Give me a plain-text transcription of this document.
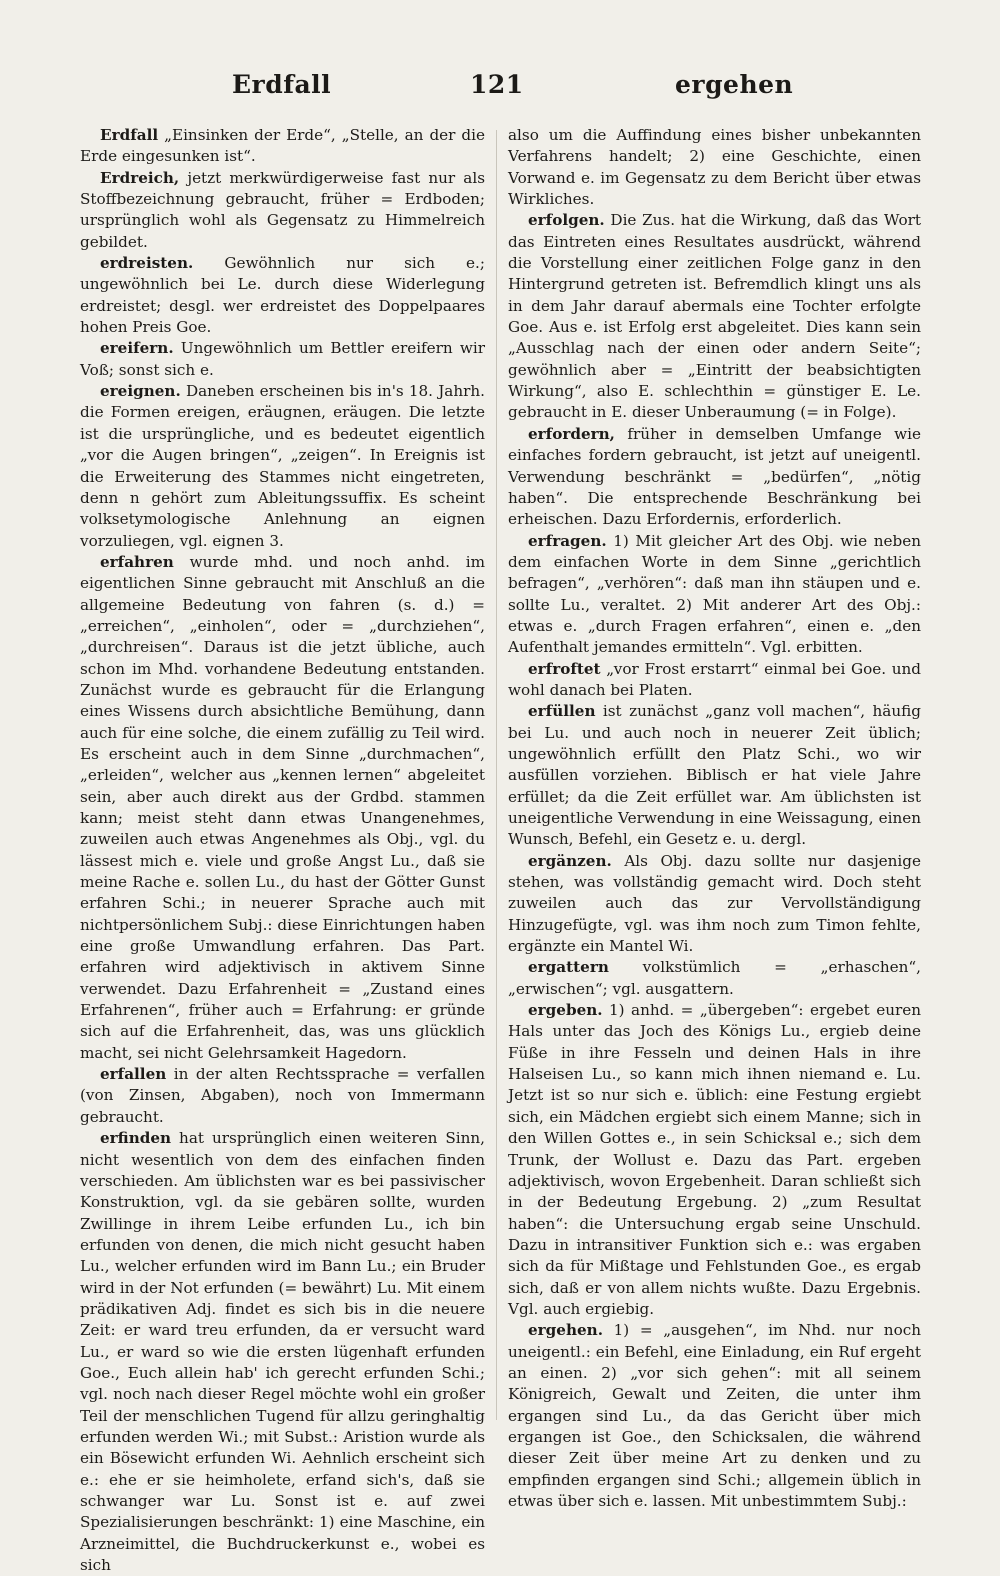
Erdfall	121	ergehen

Erdfall „Einsinken der Erde“, „Stelle, an der die Erde eingesunken ist“.

Erdreich, jetzt merkwürdigerweise fast nur als Stoffbezeichnung gebraucht, früher = Erdboden; ursprünglich wohl als Gegensatz zu Himmelreich gebildet.

erdreisten. Gewöhnlich nur sich e.; ungewöhnlich bei Le. durch diese Widerlegung erdreistet; desgl. wer erdreistet des Doppelpaares hohen Preis Goe.

ereifern. Ungewöhnlich um Bettler ereifern wir Voß; sonst sich e.

ereignen. Daneben erscheinen bis in's 18. Jahrh. die Formen ereigen, eräugnen, eräugen. Die letzte ist die ursprüngliche, und es bedeutet eigentlich „vor die Augen bringen“, „zeigen“. In Ereignis ist die Erweiterung des Stammes nicht eingetreten, denn n gehört zum Ableitungssuffix. Es scheint volksetymologische Anlehnung an eignen vorzuliegen, vgl. eignen 3.

erfahren wurde mhd. und noch anhd. im eigentlichen Sinne gebraucht mit Anschluß an die allgemeine Bedeutung von fahren (s. d.) = „erreichen“, „einholen“, oder = „durchziehen“, „durchreisen“. Daraus ist die jetzt übliche, auch schon im Mhd. vorhandene Bedeutung entstanden. Zunächst wurde es gebraucht für die Erlangung eines Wissens durch absichtliche Bemühung, dann auch für eine solche, die einem zufällig zu Teil wird. Es erscheint auch in dem Sinne „durchmachen“, „erleiden“, welcher aus „kennen lernen“ abgeleitet sein, aber auch direkt aus der Grdbd. stammen kann; meist steht dann etwas Unangenehmes, zuweilen auch etwas Angenehmes als Obj., vgl. du lässest mich e. viele und große Angst Lu., daß sie meine Rache e. sollen Lu., du hast der Götter Gunst erfahren Schi.; in neuerer Sprache auch mit nichtpersönlichem Subj.: diese Einrichtungen haben eine große Umwandlung erfahren. Das Part. erfahren wird adjektivisch in aktivem Sinne verwendet. Dazu Erfahrenheit = „Zustand eines Erfahrenen“, früher auch = Erfahrung: er gründe sich auf die Erfahrenheit, das, was uns glücklich macht, sei nicht Gelehrsamkeit Hagedorn.

erfallen in der alten Rechtssprache = verfallen (von Zinsen, Abgaben), noch von Immermann gebraucht.

erfinden hat ursprünglich einen weiteren Sinn, nicht wesentlich von dem des einfachen finden verschieden. Am üblichsten war es bei passivischer Konstruktion, vgl. da sie gebären sollte, wurden Zwillinge in ihrem Leibe erfunden Lu., ich bin erfunden von denen, die mich nicht gesucht haben Lu., welcher erfunden wird im Bann Lu.; ein Bruder wird in der Not erfunden (= bewährt) Lu. Mit einem prädikativen Adj. findet es sich bis in die neuere Zeit: er ward treu erfunden, da er versucht ward Lu., er ward so wie die ersten lügenhaft erfunden Goe., Euch allein hab' ich gerecht erfunden Schi.; vgl. noch nach dieser Regel möchte wohl ein großer Teil der menschlichen Tugend für allzu geringhaltig erfunden werden Wi.; mit Subst.: Aristion wurde als ein Bösewicht erfunden Wi. Aehnlich erscheint sich e.: ehe er sie heimholete, erfand sich's, daß sie schwanger war Lu. Sonst ist e. auf zwei Spezialisierungen beschränkt: 1) eine Maschine, ein Arzneimittel, die Buchdruckerkunst e., wobei es sich

also um die Auffindung eines bisher unbekannten Verfahrens handelt; 2) eine Geschichte, einen Vorwand e. im Gegensatz zu dem Bericht über etwas Wirkliches.

erfolgen. Die Zus. hat die Wirkung, daß das Wort das Eintreten eines Resultates ausdrückt, während die Vorstellung einer zeitlichen Folge ganz in den Hintergrund getreten ist. Befremdlich klingt uns als in dem Jahr darauf abermals eine Tochter erfolgte Goe. Aus e. ist Erfolg erst abgeleitet. Dies kann sein „Ausschlag nach der einen oder andern Seite“; gewöhnlich aber = „Eintritt der beabsichtigten Wirkung“, also E. schlechthin = günstiger E. Le. gebraucht in E. dieser Unberaumung (= in Folge).

erfordern, früher in demselben Umfange wie einfaches fordern gebraucht, ist jetzt auf uneigentl. Verwendung beschränkt = „bedürfen“, „nötig haben“. Die entsprechende Beschränkung bei erheischen. Dazu Erfordernis, erforderlich.

erfragen. 1) Mit gleicher Art des Obj. wie neben dem einfachen Worte in dem Sinne „gerichtlich befragen“, „verhören“: daß man ihn stäupen und e. sollte Lu., veraltet. 2) Mit anderer Art des Obj.: etwas e. „durch Fragen erfahren“, einen e. „den Aufenthalt jemandes ermitteln“. Vgl. erbitten.

erfroftet „vor Frost erstarrt“ einmal bei Goe. und wohl danach bei Platen.

erfüllen ist zunächst „ganz voll machen“, häufig bei Lu. und auch noch in neuerer Zeit üblich; ungewöhnlich erfüllt den Platz Schi., wo wir ausfüllen vorziehen. Biblisch er hat viele Jahre erfüllet; da die Zeit erfüllet war. Am üblichsten ist uneigentliche Verwendung in eine Weissagung, einen Wunsch, Befehl, ein Gesetz e. u. dergl.

ergänzen. Als Obj. dazu sollte nur dasjenige stehen, was vollständig gemacht wird. Doch steht zuweilen auch das zur Vervollständigung Hinzugefügte, vgl. was ihm noch zum Timon fehlte, ergänzte ein Mantel Wi.

ergattern volkstümlich = „erhaschen“, „erwischen“; vgl. ausgattern.

ergeben. 1) anhd. = „übergeben“: ergebet euren Hals unter das Joch des Königs Lu., ergieb deine Füße in ihre Fesseln und deinen Hals in ihre Halseisen Lu., so kann mich ihnen niemand e. Lu. Jetzt ist so nur sich e. üblich: eine Festung ergiebt sich, ein Mädchen ergiebt sich einem Manne; sich in den Willen Gottes e., in sein Schicksal e.; sich dem Trunk, der Wollust e. Dazu das Part. ergeben adjektivisch, wovon Ergebenheit. Daran schließt sich in der Bedeutung Ergebung. 2) „zum Resultat haben“: die Untersuchung ergab seine Unschuld. Dazu in intransitiver Funktion sich e.: was ergaben sich da für Mißtage und Fehlstunden Goe., es ergab sich, daß er von allem nichts wußte. Dazu Ergebnis. Vgl. auch ergiebig.

ergehen. 1) = „ausgehen“, im Nhd. nur noch uneigentl.: ein Befehl, eine Einladung, ein Ruf ergeht an einen. 2) „vor sich gehen“: mit all seinem Königreich, Gewalt und Zeiten, die unter ihm ergangen sind Lu., da das Gericht über mich ergangen ist Goe., den Schicksalen, die während dieser Zeit über meine Art zu denken und zu empfinden ergangen sind Schi.; allgemein üblich in etwas über sich e. lassen. Mit unbestimmtem Subj.:
